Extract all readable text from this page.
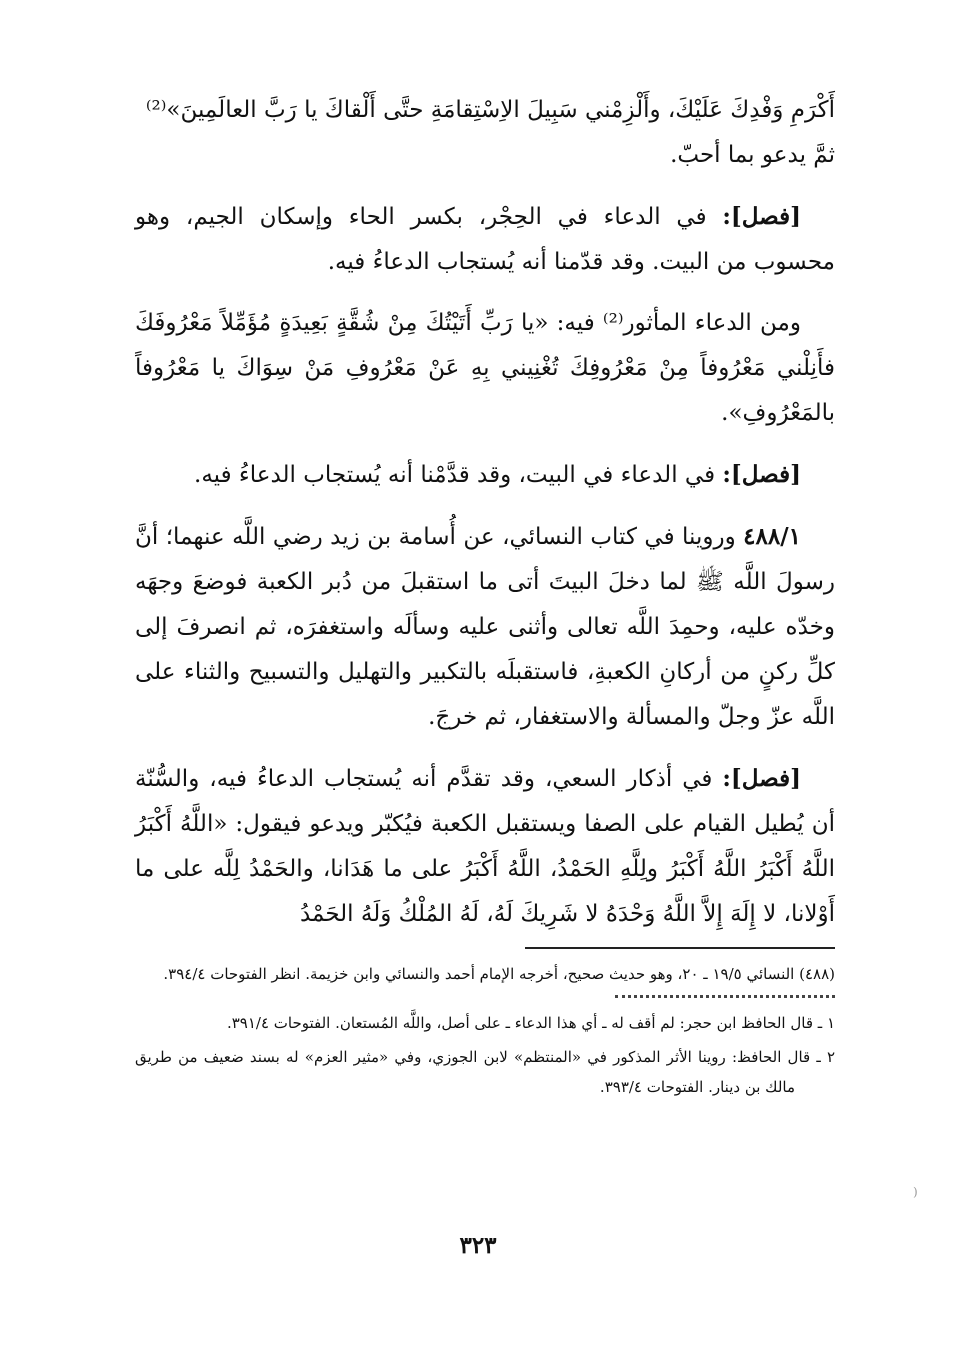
أَكْرَمِ وَفْدِكَ عَلَيْكَ، وأَلْزِمْني سَبِيلَ الاِسْتِقامَةِ حتَّى أَلْقاكَ يا رَبَّ العالَمِينَ»⁽²⁾
ثمَّ يدعو بما أحبّ.

[فصل]: في الدعاء في الحِجْر، بكسر الحاء وإسكان الجيم، وهو محسوب من البيت. وقد قدّمنا أنه يُستجاب الدعاءُ فيه.

ومن الدعاء المأثور⁽²⁾ فيه: «يا رَبِّ أَتَيْتُكَ مِنْ شُقَّةٍ بَعِيدَةٍ مُؤَمِّلاً مَعْرُوفَكَ فأَنِلْني مَعْرُوفاً مِنْ مَعْرُوفِكَ تُغْنِيني بِهِ عَنْ مَعْرُوفِ مَنْ سِوَاكَ يا مَعْرُوفاً بالمَعْرُوفِ».

[فصل]: في الدعاء في البيت، وقد قدَّمْنا أنه يُستجاب الدعاءُ فيه.

٤٨٨/١ وروينا في كتاب النسائي، عن أُسامة بن زيد رضي اللَّه عنهما؛ أنَّ رسولَ اللَّه ﷺ لما دخلَ البيتَ أتى ما استقبلَ من دُبر الكعبة فوضعَ وجهَه وخدّه عليه، وحمِدَ اللَّه تعالى وأثنى عليه وسألَه واستغفرَه، ثم انصرفَ إلى كلِّ ركنٍ من أركانِ الكعبةِ، فاستقبلَه بالتكبير والتهليل والتسبيح والثناء على اللَّه عزّ وجلّ والمسألة والاستغفار، ثم خرجَ.

[فصل]: في أذكار السعي، وقد تقدَّم أنه يُستجاب الدعاءُ فيه، والسُّنّة أن يُطيل القيام على الصفا ويستقبل الكعبة فيُكبّر ويدعو فيقول: «اللَّهُ أَكْبَرُ اللَّهُ أَكْبَرُ اللَّهُ أَكْبَرُ ولِلَّهِ الحَمْدُ، اللَّهُ أَكْبَرُ على ما هَدَانا، والحَمْدُ لِلَّه على ما أَوْلانا، لا إِلَهَ إِلاَّ اللَّهُ وَحْدَهُ لا شَرِيكَ لَهُ، لَهُ المُلْكُ وَلَهُ الحَمْدُ

(٤٨٨) النسائي ١٩/٥ ـ ٢٠، وهو حديث صحيح، أخرجه الإمام أحمد والنسائي وابن خزيمة. انظر الفتوحات ٣٩٤/٤.

١ ـ قال الحافظ ابن حجر: لم أقف له ـ أي هذا الدعاء ـ على أصل، واللَّه المُستعان. الفتوحات ٣٩١/٤.

٢ ـ قال الحافظ: روينا الأثر المذكور في «المنتظم» لابن الجوزي، وفي «مثير العزم» له بسند ضعيف من طريق مالك بن دينار. الفتوحات ٣٩٣/٤.

٣٢٣
(
